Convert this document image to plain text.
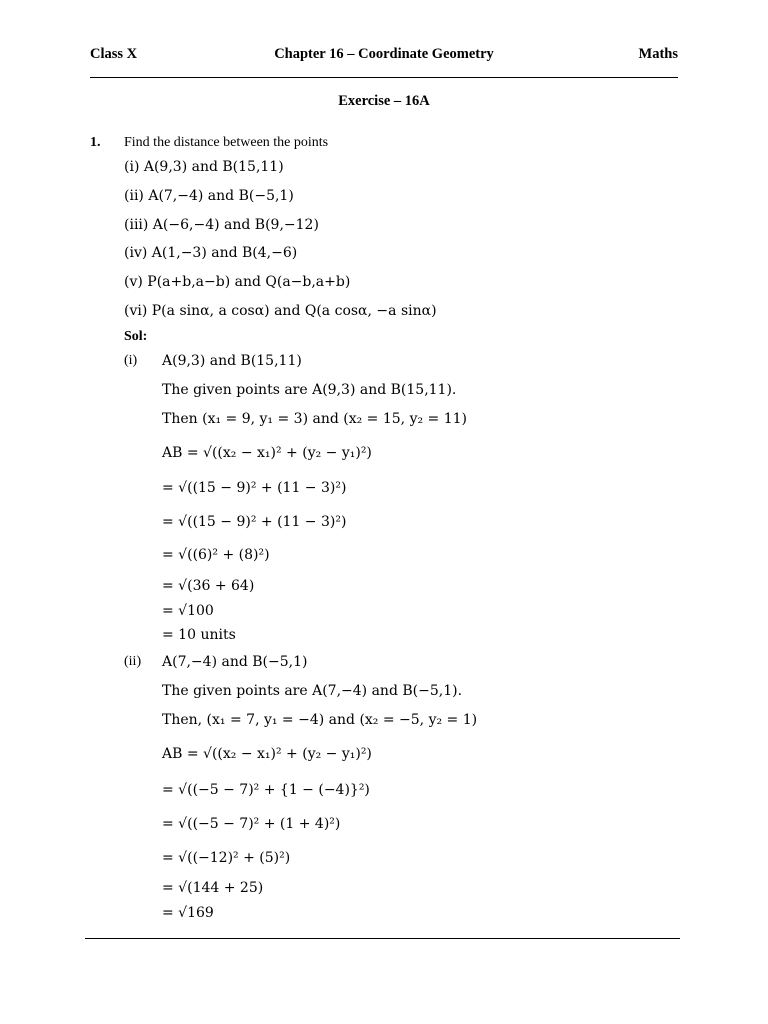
Class X	Chapter 16 – Coordinate Geometry	Maths
Exercise – 16A
1. Find the distance between the points
(i) A(9,3) and B(15,11)
(ii) A(7,−4) and B(−5,1)
(iii) A(−6,−4) and B(9,−12)
(iv) A(1,−3) and B(4,−6)
(v) P(a+b,a−b) and Q(a−b,a+b)
(vi) P(a sinα, a cosα) and Q(a cosα, −a sinα)
Sol:
(i) A(9,3) and B(15,11)
The given points are A(9,3) and B(15,11).
Then (x₁ = 9, y₁ = 3) and (x₂ = 15, y₂ = 11)
AB = √((x₂ − x₁)² + (y₂ − y₁)²)
= √((15 − 9)² + (11 − 3)²)
= √((15 − 9)² + (11 − 3)²)
= √((6)² + (8)²)
= √(36 + 64)
= √100
= 10 units
(ii) A(7,−4) and B(−5,1)
The given points are A(7,−4) and B(−5,1).
Then, (x₁ = 7, y₁ = −4) and (x₂ = −5, y₂ = 1)
AB = √((x₂ − x₁)² + (y₂ − y₁)²)
= √((−5 − 7)² + {1 − (−4)}²)
= √((−5 − 7)² + (1 + 4)²)
= √((−12)² + (5)²)
= √(144 + 25)
= √169
